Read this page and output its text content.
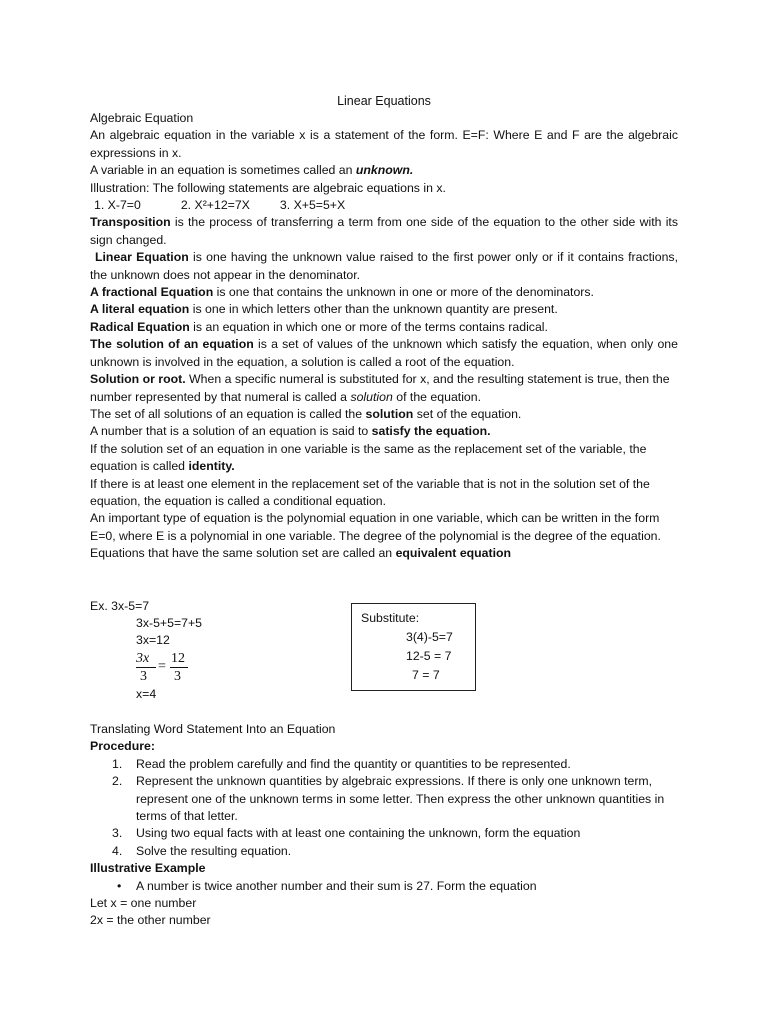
Linear Equations

Algebraic Equation

An algebraic equation in the variable x is a statement of the form. E=F: Where E and F are the algebraic expressions in x.

A variable in an equation is sometimes called an unknown.

Illustration: The following statements are algebraic equations in x.

1. X-7=0	2. X²+12=7X 3. X+5=5+X

Transposition is the process of transferring a term from one side of the equation to the other side with its sign changed.

Linear Equation is one having the unknown value raised to the first power only or if it contains fractions, the unknown does not appear in the denominator.

A fractional Equation is one that contains the unknown in one or more of the denominators.

A literal equation is one in which letters other than the unknown quantity are present.

Radical Equation is an equation in which one or more of the terms contains radical.

The solution of an equation is a set of values of the unknown which satisfy the equation, when only one unknown is involved in the equation, a solution is called a root of the equation.

Solution or root. When a specific numeral is substituted for x, and the resulting statement is true, then the number represented by that numeral is called a solution of the equation.

The set of all solutions of an equation is called the solution set of the equation.

A number that is a solution of an equation is said to satisfy the equation.

If the solution set of an equation in one variable is the same as the replacement set of the variable, the equation is called identity.

If there is at least one element in the replacement set of the variable that is not in the solution set of the equation, the equation is called a conditional equation.

An important type of equation is the polynomial equation in one variable, which can be written in the form E=0, where E is a polynomial in one variable. The degree of the polynomial is the degree of the equation.

Equations that have the same solution set are called an equivalent equation

Ex. 3x-5=7
3x-5+5=7+5
3x=12
3x
3
=
12
3
x=4
Substitute:
3(4)-5=7
12-5 = 7
7 = 7

Translating Word Statement Into an Equation

Procedure:

1. Read the problem carefully and find the quantity or quantities to be represented.
2. Represent the unknown quantities by algebraic expressions. If there is only one unknown term, represent one of the unknown terms in some letter. Then express the other unknown quantities in terms of that letter.
3. Using two equal facts with at least one containing the unknown, form the equation
4. Solve the resulting equation.

Illustrative Example

• A number is twice another number and their sum is 27. Form the equation

Let x = one number

2x = the other number
